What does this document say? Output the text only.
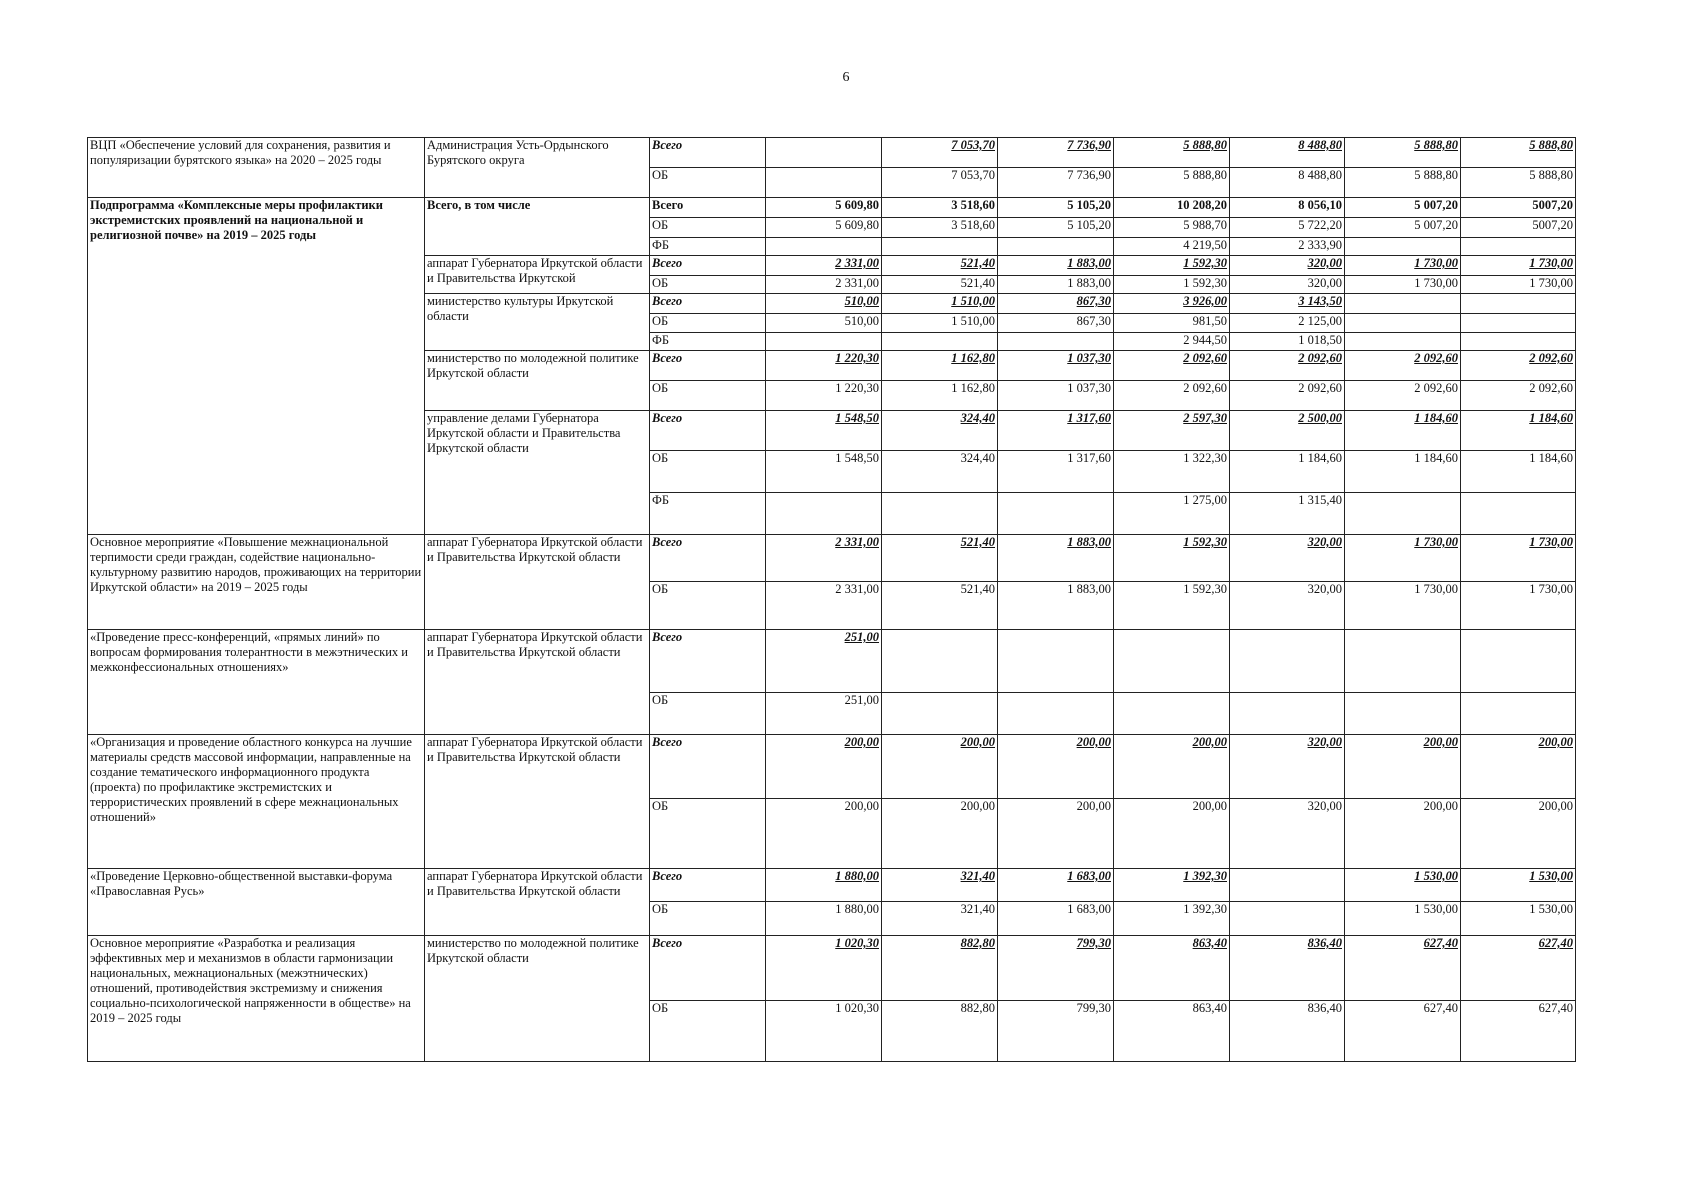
6
ВЦП «Обеспечение условий для сохранения, развития и популяризации бурятского языка» на 2020 – 2025 годы	Администрация Усть-Ордынского Бурятского округа	Всего		7 053,70	7 736,90	5 888,80	8 488,80	5 888,80	5 888,80
		ОБ		7 053,70	7 736,90	5 888,80	8 488,80	5 888,80	5 888,80
Подпрограмма «Комплексные меры профилактики экстремистских проявлений на национальной и религиозной почве» на 2019 – 2025 годы	Всего, в том числе	Всего	5 609,80	3 518,60	5 105,20	10 208,20	8 056,10	5 007,20	5007,20
		ОБ	5 609,80	3 518,60	5 105,20	5 988,70	5 722,20	5 007,20	5007,20
		ФБ				4 219,50	2 333,90		
	аппарат Губернатора Иркутской области и Правительства Иркутской	Всего	2 331,00	521,40	1 883,00	1 592,30	320,00	1 730,00	1 730,00
		ОБ	2 331,00	521,40	1 883,00	1 592,30	320,00	1 730,00	1 730,00
	министерство культуры Иркутской области	Всего	510,00	1 510,00	867,30	3 926,00	3 143,50		
		ОБ	510,00	1 510,00	867,30	981,50	2 125,00		
		ФБ				2 944,50	1 018,50		
	министерство по молодежной политике Иркутской области	Всего	1 220,30	1 162,80	1 037,30	2 092,60	2 092,60	2 092,60	2 092,60
		ОБ	1 220,30	1 162,80	1 037,30	2 092,60	2 092,60	2 092,60	2 092,60
	управление делами Губернатора Иркутской области и Правительства Иркутской области	Всего	1 548,50	324,40	1 317,60	2 597,30	2 500,00	1 184,60	1 184,60
		ОБ	1 548,50	324,40	1 317,60	1 322,30	1 184,60	1 184,60	1 184,60
		ФБ				1 275,00	1 315,40		
Основное мероприятие «Повышение межнациональной терпимости среди граждан, содействие национально-культурному развитию народов, проживающих на территории Иркутской области» на 2019 – 2025 годы	аппарат Губернатора Иркутской области и Правительства Иркутской области	Всего	2 331,00	521,40	1 883,00	1 592,30	320,00	1 730,00	1 730,00
		ОБ	2 331,00	521,40	1 883,00	1 592,30	320,00	1 730,00	1 730,00
«Проведение пресс-конференций, «прямых линий» по вопросам формирования толерантности в межэтнических и межконфессиональных отношениях»	аппарат Губернатора Иркутской области и Правительства Иркутской области	Всего	251,00						
		ОБ	251,00						
«Организация и проведение областного конкурса на лучшие материалы средств массовой информации, направленные на создание тематического информационного продукта (проекта) по профилактике экстремистских и террористических проявлений в сфере межнациональных отношений»	аппарат Губернатора Иркутской области и Правительства Иркутской области	Всего	200,00	200,00	200,00	200,00	320,00	200,00	200,00
		ОБ	200,00	200,00	200,00	200,00	320,00	200,00	200,00
«Проведение Церковно-общественной выставки-форума «Православная Русь»	аппарат Губернатора Иркутской области и Правительства Иркутской области	Всего	1 880,00	321,40	1 683,00	1 392,30		1 530,00	1 530,00
		ОБ	1 880,00	321,40	1 683,00	1 392,30		1 530,00	1 530,00
Основное мероприятие «Разработка и реализация эффективных мер и механизмов в области гармонизации национальных, межнациональных (межэтнических) отношений, противодействия экстремизму и снижения социально-психологической напряженности в обществе» на 2019 – 2025 годы	министерство по молодежной политике Иркутской области	Всего	1 020,30	882,80	799,30	863,40	836,40	627,40	627,40
		ОБ	1 020,30	882,80	799,30	863,40	836,40	627,40	627,40
